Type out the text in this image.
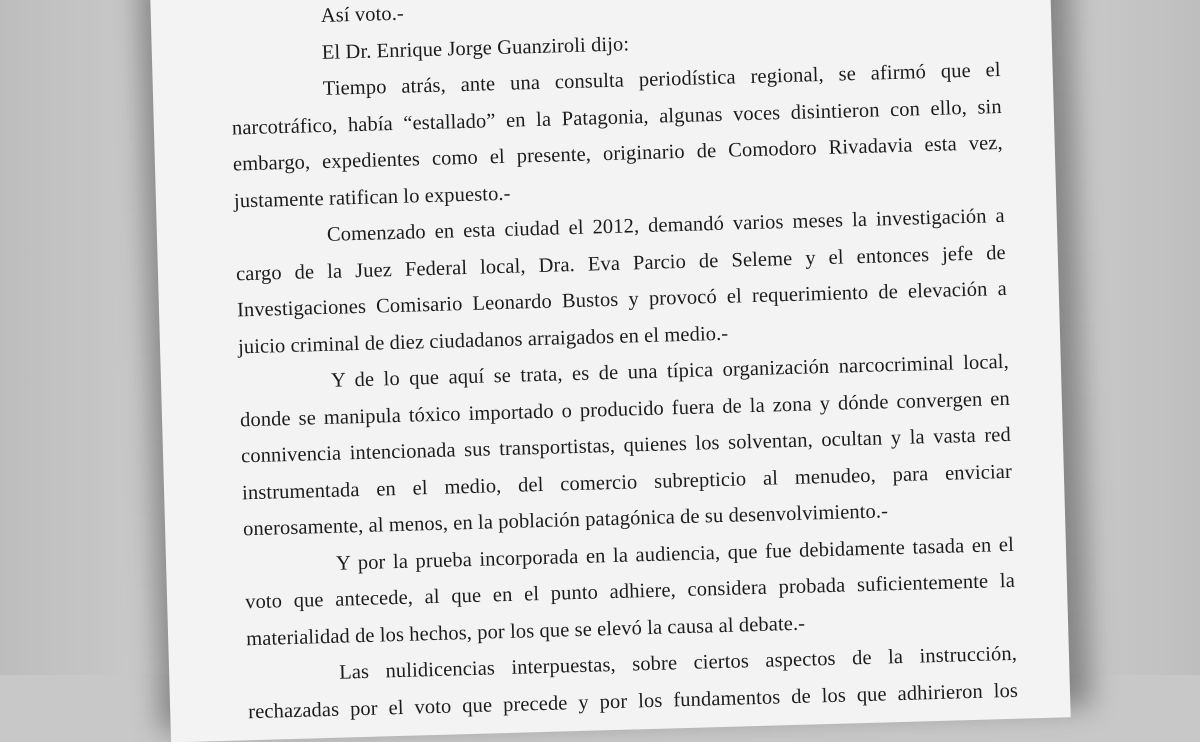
Así voto.-
El Dr. Enrique Jorge Guanziroli dijo:
Tiempo atrás, ante una consulta periodística regional, se afirmó que el
narcotráfico, había “estallado” en la Patagonia, algunas voces disintieron con ello, sin
embargo, expedientes como el presente, originario de Comodoro Rivadavia esta vez,
justamente ratifican lo expuesto.-
Comenzado en esta ciudad el 2012, demandó varios meses la investigación a
cargo de la Juez Federal local, Dra. Eva Parcio de Seleme y el entonces jefe de
Investigaciones Comisario Leonardo Bustos y provocó el requerimiento de elevación a
juicio criminal de diez ciudadanos arraigados en el medio.-
Y de lo que aquí se trata, es de una típica organización narcocriminal local,
donde se manipula tóxico importado o producido fuera de la zona y dónde convergen en
connivencia intencionada sus transportistas, quienes los solventan, ocultan y la vasta red
instrumentada en el medio, del comercio subrepticio al menudeo, para enviciar
onerosamente, al menos, en la población patagónica de su desenvolvimiento.-
Y por la prueba incorporada en la audiencia, que fue debidamente tasada en el
voto que antecede, al que en el punto adhiere, considera probada suficientemente la
materialidad de los hechos, por los que se elevó la causa al debate.-
Las nulidicencias interpuestas, sobre ciertos aspectos de la instrucción,
rechazadas por el voto que precede y por los fundamentos de los que adhirieron los
